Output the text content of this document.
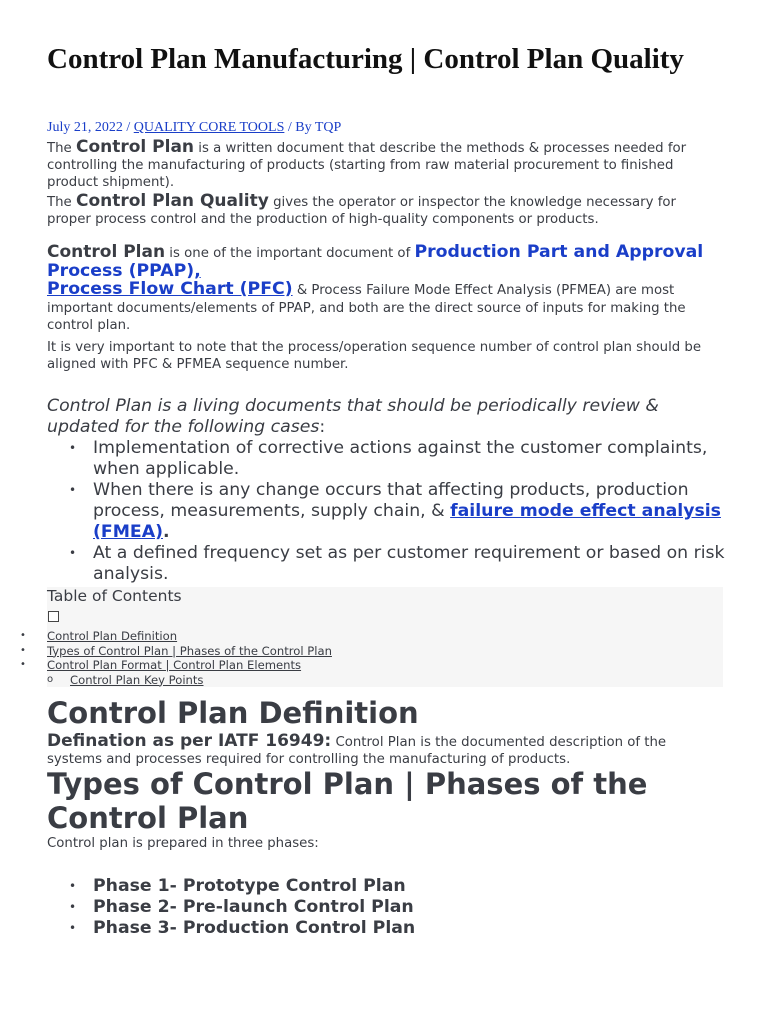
Control Plan Manufacturing | Control Plan Quality
July 21, 2022 / QUALITY CORE TOOLS / By TQP

The Control Plan is a written document that describe the methods & processes needed for controlling the manufacturing of products (starting from raw material procurement to finished product shipment).

The Control Plan Quality gives the operator or inspector the knowledge necessary for proper process control and the production of high-quality components or products.

Control Plan is one of the important document of Production Part and Approval Process (PPAP),
Process Flow Chart (PFC) & Process Failure Mode Effect Analysis (PFMEA) are most important documents/elements of PPAP, and both are the direct source of inputs for making the control plan.

It is very important to note that the process/operation sequence number of control plan should be aligned with PFC & PFMEA sequence number.

Control Plan is a living documents that should be periodically review & updated for the following cases:
• Implementation of corrective actions against the customer complaints, when applicable.
• When there is any change occurs that affecting products, production process, measurements, supply chain, & failure mode effect analysis (FMEA).
• At a defined frequency set as per customer requirement or based on risk analysis.
Table of Contents
• Control Plan Definition
• Types of Control Plan | Phases of the Control Plan
• Control Plan Format | Control Plan Elements
o Control Plan Key Points
Control Plan Definition
Defination as per IATF 16949: Control Plan is the documented description of the systems and processes required for controlling the manufacturing of products.
Types of Control Plan | Phases of the Control Plan
Control plan is prepared in three phases:
• Phase 1- Prototype Control Plan
• Phase 2- Pre-launch Control Plan
• Phase 3- Production Control Plan
